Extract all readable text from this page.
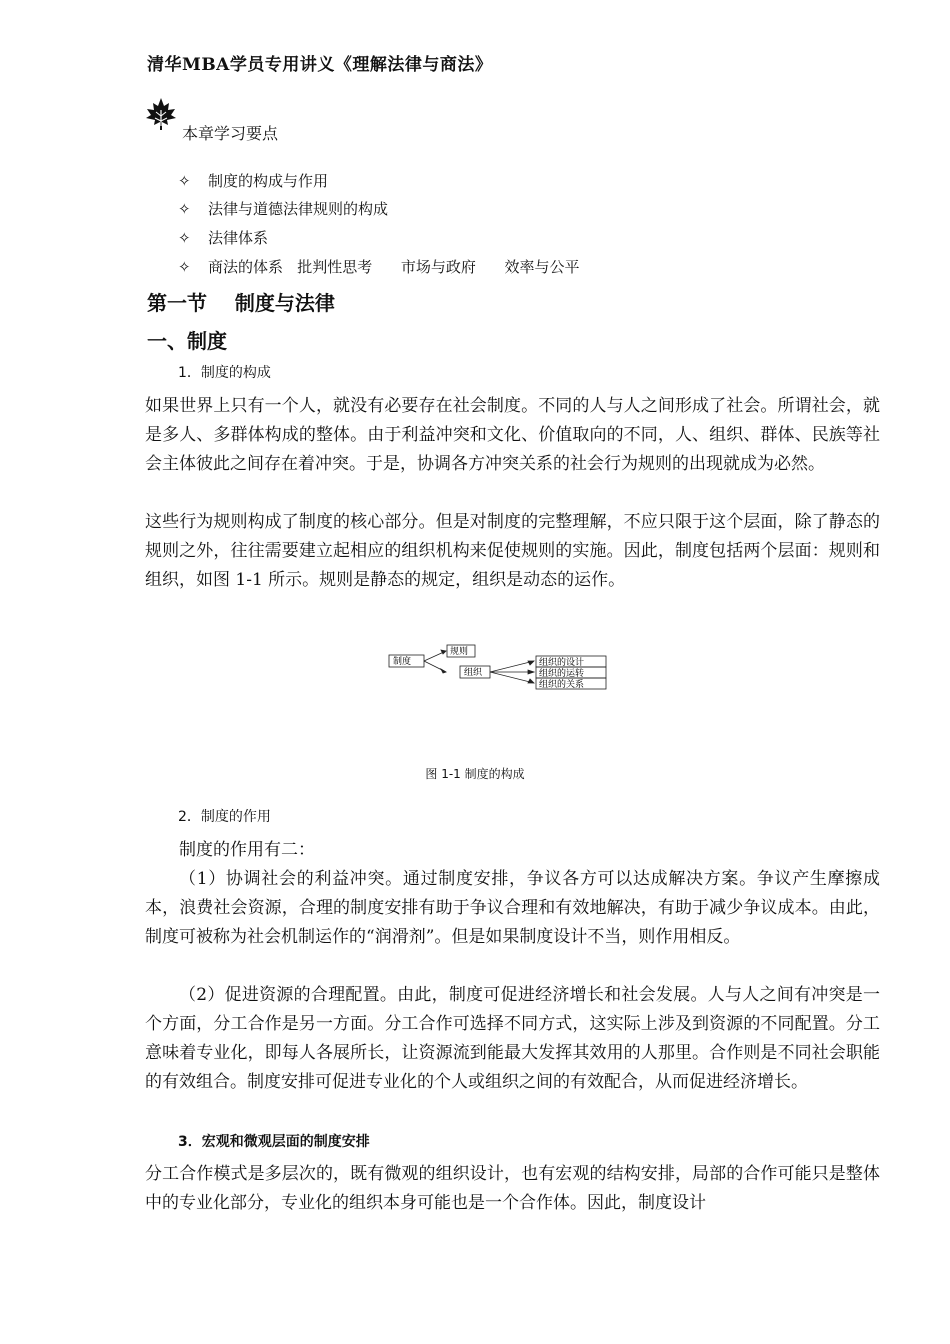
清华MBA学员专用讲义《理解法律与商法》
本章学习要点
✧ 制度的构成与作用
✧ 法律与道德法律规则的构成
✧ 法律体系
✧ 商法的体系   批判性思考      市场与政府      效率与公平
第一节    制度与法律
一、制度
1．制度的构成
如果世界上只有一个人，就没有必要存在社会制度。不同的人与人之间形成了社会。所谓社会，就是多人、多群体构成的整体。由于利益冲突和文化、价值取向的不同，人、组织、群体、民族等社会主体彼此之间存在着冲突。于是，协调各方冲突关系的社会行为规则的出现就成为必然。
这些行为规则构成了制度的核心部分。但是对制度的完整理解，不应只限于这个层面，除了静态的规则之外，往往需要建立起相应的组织机构来促使规则的实施。因此，制度包括两个层面：规则和组织，如图 1-1 所示。规则是静态的规定，组织是动态的运作。
制度
规则
组织
组织的设计
组织的运转
组织的关系
图 1-1 制度的构成
2．制度的作用
制度的作用有二：
（1）协调社会的利益冲突。通过制度安排，争议各方可以达成解决方案。争议产生摩擦成本，浪费社会资源，合理的制度安排有助于争议合理和有效地解决，有助于减少争议成本。由此，制度可被称为社会机制运作的“润滑剂”。但是如果制度设计不当，则作用相反。
（2）促进资源的合理配置。由此，制度可促进经济增长和社会发展。人与人之间有冲突是一个方面，分工合作是另一方面。分工合作可选择不同方式，这实际上涉及到资源的不同配置。分工意味着专业化，即每人各展所长，让资源流到能最大发挥其效用的人那里。合作则是不同社会职能的有效组合。制度安排可促进专业化的个人或组织之间的有效配合，从而促进经济增长。
3．宏观和微观层面的制度安排
分工合作模式是多层次的，既有微观的组织设计，也有宏观的结构安排，局部的合作可能只是整体中的专业化部分，专业化的组织本身可能也是一个合作体。因此，制度设计
